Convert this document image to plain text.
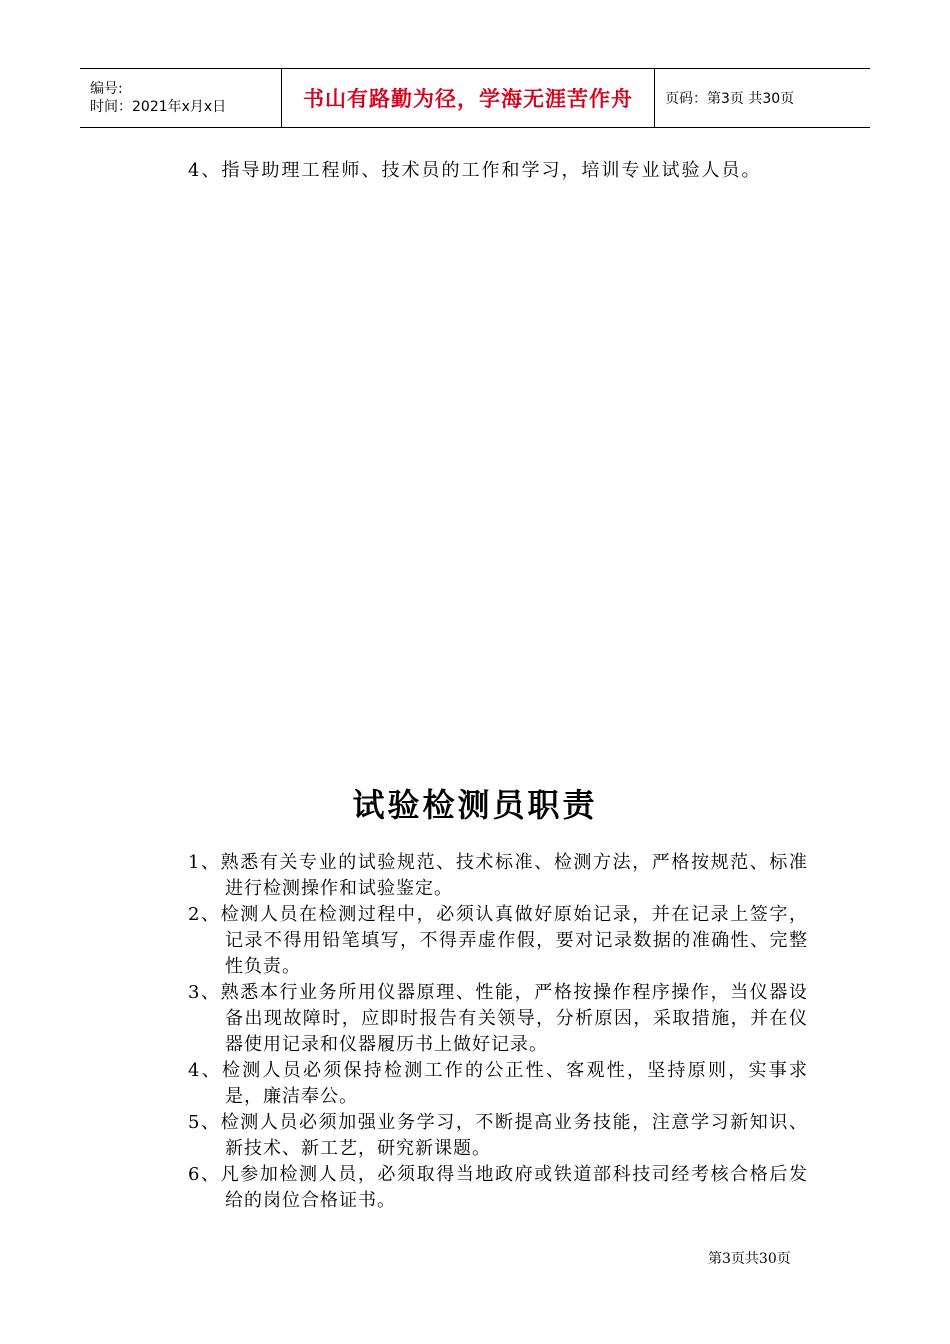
编号:
时间：2021年x月x日	书山有路勤为径，学海无涯苦作舟 页码：第3页 共30页
4、指导助理工程师、技术员的工作和学习，培训专业试验人员。
试验检测员职责
1、熟悉有关专业的试验规范、技术标准、检测方法，严格按规范、标准进行检测操作和试验鉴定。
2、检测人员在检测过程中，必须认真做好原始记录，并在记录上签字，记录不得用铅笔填写，不得弄虚作假，要对记录数据的准确性、完整性负责。
3、熟悉本行业务所用仪器原理、性能，严格按操作程序操作，当仪器设备出现故障时，应即时报告有关领导，分析原因，采取措施，并在仪器使用记录和仪器履历书上做好记录。
4、检测人员必须保持检测工作的公正性、客观性，坚持原则，实事求是，廉洁奉公。
5、检测人员必须加强业务学习，不断提高业务技能，注意学习新知识、新技术、新工艺，研究新课题。
6、凡参加检测人员，必须取得当地政府或铁道部科技司经考核合格后发给的岗位合格证书。
第3页共30页
